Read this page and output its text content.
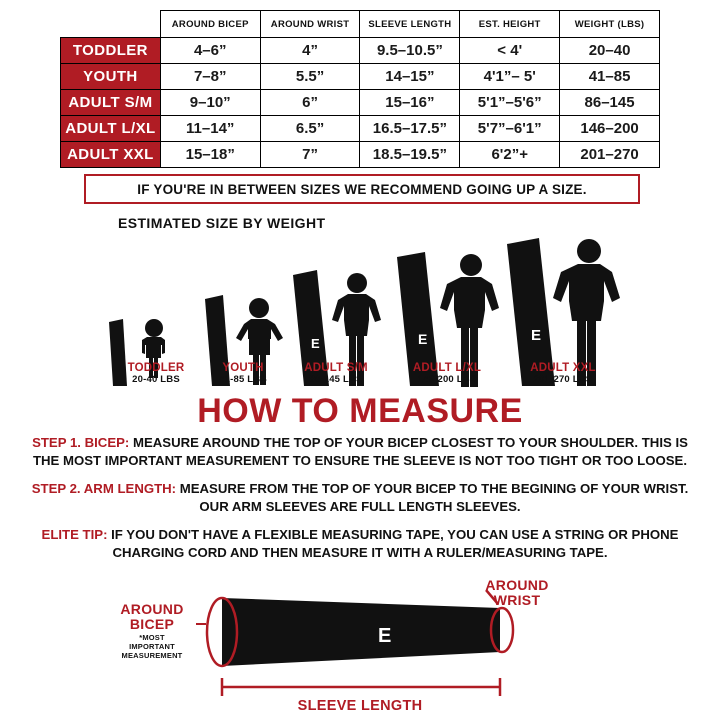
	AROUND BICEP	AROUND WRIST	SLEEVE LENGTH	EST. HEIGHT	WEIGHT (LBS)
TODDLER	4–6”	4”	9.5–10.5”	< 4'	20–40
YOUTH	7–8”	5.5”	14–15”	4'1”– 5'	41–85
ADULT S/M	9–10”	6”	15–16”	5'1”–5'6”	86–145
ADULT L/XL	11–14”	6.5”	16.5–17.5”	5'7”–6'1”	146–200
ADULT XXL	15–18”	7”	18.5–19.5”	6'2”+	201–270
IF YOU'RE IN BETWEEN SIZES WE RECOMMEND GOING UP A SIZE.
ESTIMATED SIZE BY WEIGHT
E	E	E
TODDLER
20-40 LBS
YOUTH
41-85 LBS
ADULT S/M
86-145 LBS
ADULT L/XL
146-200 LBS
ADULT XXL
201-270 LBS
HOW TO MEASURE
STEP 1. BICEP: MEASURE AROUND THE TOP OF YOUR BICEP CLOSEST TO YOUR SHOULDER. THIS IS THE MOST IMPORTANT MEASUREMENT TO ENSURE THE SLEEVE IS NOT TOO TIGHT OR TOO LOOSE.
STEP 2. ARM LENGTH: MEASURE FROM THE TOP OF YOUR BICEP TO THE BEGINING OF YOUR WRIST. OUR ARM SLEEVES ARE FULL LENGTH SLEEVES.
ELITE TIP: IF YOU DON'T HAVE A FLEXIBLE MEASURING TAPE, YOU CAN USE A STRING OR PHONE CHARGING CORD AND THEN MEASURE IT WITH A RULER/MEASURING TAPE.
E
AROUND
BICEP
*MOST
IMPORTANT
MEASUREMENT
AROUND
WRIST
SLEEVE LENGTH
